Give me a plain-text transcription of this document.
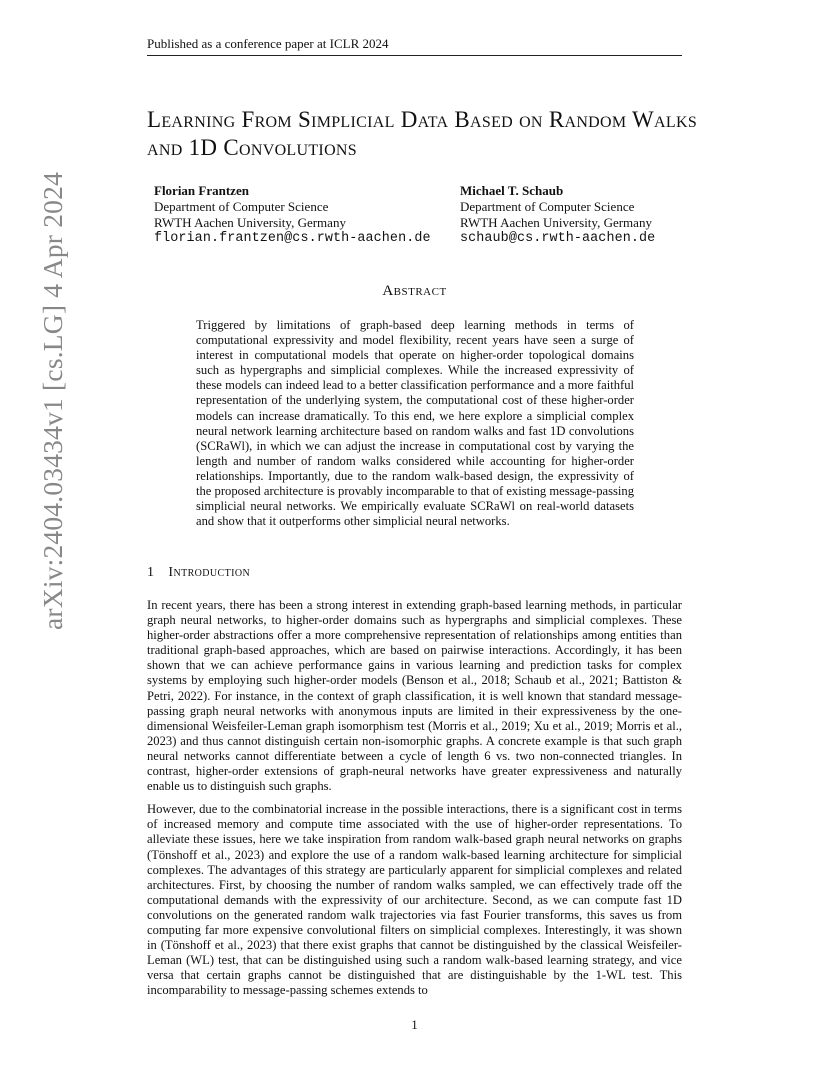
Published as a conference paper at ICLR 2024
arXiv:2404.03434v1 [cs.LG] 4 Apr 2024
Learning From Simplicial Data Based on Random Walks and 1D Convolutions
Florian Frantzen
Department of Computer Science
RWTH Aachen University, Germany
florian.frantzen@cs.rwth-aachen.de
Michael T. Schaub
Department of Computer Science
RWTH Aachen University, Germany
schaub@cs.rwth-aachen.de
Abstract
Triggered by limitations of graph-based deep learning methods in terms of computational expressivity and model flexibility, recent years have seen a surge of interest in computational models that operate on higher-order topological domains such as hypergraphs and simplicial complexes. While the increased expressivity of these models can indeed lead to a better classification performance and a more faithful representation of the underlying system, the computational cost of these higher-order models can increase dramatically. To this end, we here explore a simplicial complex neural network learning architecture based on random walks and fast 1D convolutions (SCRaWl), in which we can adjust the increase in computational cost by varying the length and number of random walks considered while accounting for higher-order relationships. Importantly, due to the random walk-based design, the expressivity of the proposed architecture is provably incomparable to that of existing message-passing simplicial neural networks. We empirically evaluate SCRaWl on real-world datasets and show that it outperforms other simplicial neural networks.
1 Introduction

In recent years, there has been a strong interest in extending graph-based learning methods, in particular graph neural networks, to higher-order domains such as hypergraphs and simplicial complexes. These higher-order abstractions offer a more comprehensive representation of relationships among entities than traditional graph-based approaches, which are based on pairwise interactions. Accordingly, it has been shown that we can achieve performance gains in various learning and prediction tasks for complex systems by employing such higher-order models (Benson et al., 2018; Schaub et al., 2021; Battiston & Petri, 2022). For instance, in the context of graph classification, it is well known that standard message-passing graph neural networks with anonymous inputs are limited in their expressiveness by the one-dimensional Weisfeiler-Leman graph isomorphism test (Morris et al., 2019; Xu et al., 2019; Morris et al., 2023) and thus cannot distinguish certain non-isomorphic graphs. A concrete example is that such graph neural networks cannot differentiate between a cycle of length 6 vs. two non-connected triangles. In contrast, higher-order extensions of graph-neural networks have greater expressiveness and naturally enable us to distinguish such graphs.

However, due to the combinatorial increase in the possible interactions, there is a significant cost in terms of increased memory and compute time associated with the use of higher-order representations. To alleviate these issues, here we take inspiration from random walk-based graph neural networks on graphs (Tönshoff et al., 2023) and explore the use of a random walk-based learning architecture for simplicial complexes. The advantages of this strategy are particularly apparent for simplicial complexes and related architectures. First, by choosing the number of random walks sampled, we can effectively trade off the computational demands with the expressivity of our architecture. Second, as we can compute fast 1D convolutions on the generated random walk trajectories via fast Fourier transforms, this saves us from computing far more expensive convolutional filters on simplicial complexes. Interestingly, it was shown in (Tönshoff et al., 2023) that there exist graphs that cannot be distinguished by the classical Weisfeiler-Leman (WL) test, that can be distinguished using such a random walk-based learning strategy, and vice versa that certain graphs cannot be distinguished that are distinguishable by the 1-WL test. This incomparability to message-passing schemes extends to

1
